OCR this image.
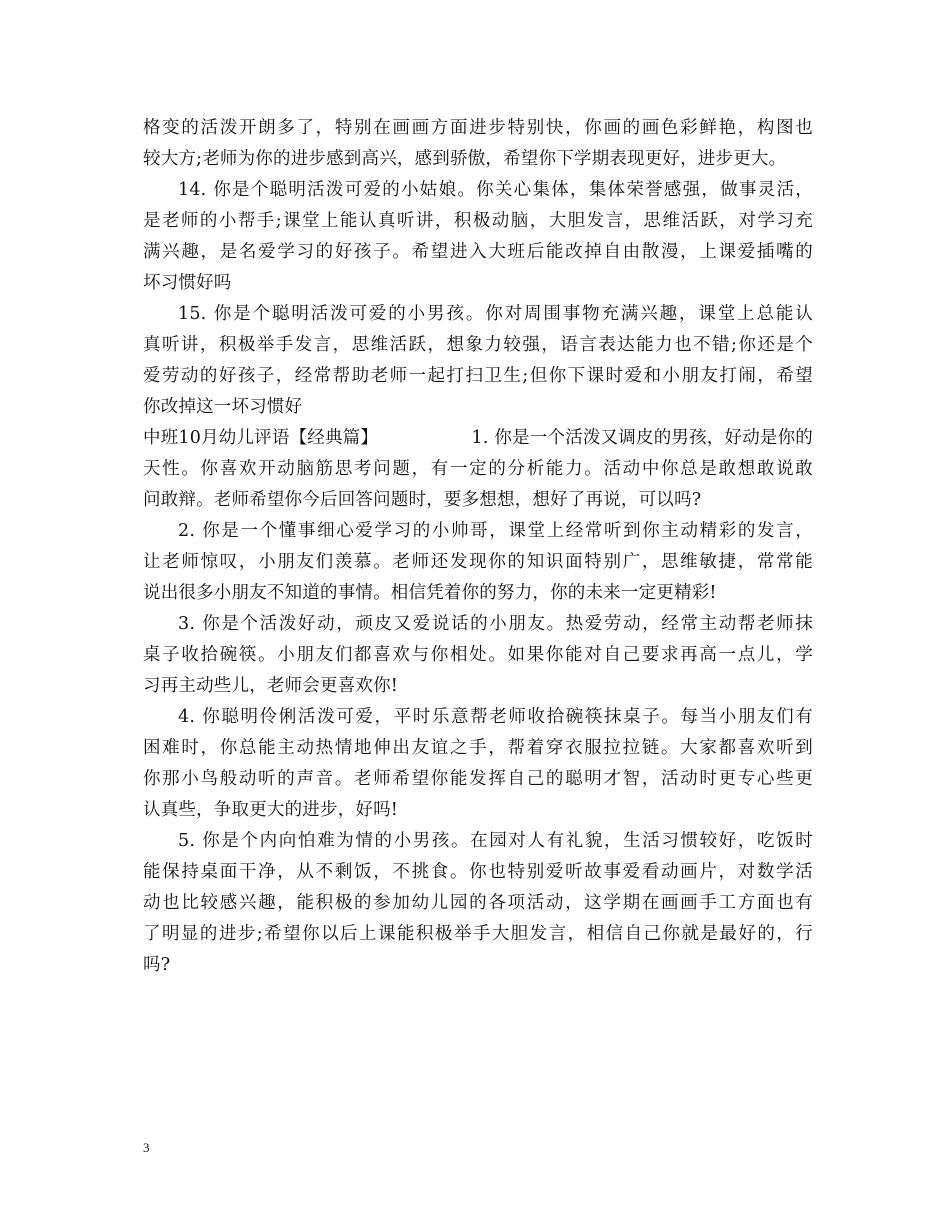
格变的活泼开朗多了，特别在画画方面进步特别快，你画的画色彩鲜艳，构图也
较大方;老师为你的进步感到高兴，感到骄傲，希望你下学期表现更好，进步更大。
14. 你是个聪明活泼可爱的小姑娘。你关心集体，集体荣誉感强，做事灵活，
是老师的小帮手;课堂上能认真听讲，积极动脑，大胆发言，思维活跃，对学习充
满兴趣，是名爱学习的好孩子。希望进入大班后能改掉自由散漫，上课爱插嘴的
坏习惯好吗
15. 你是个聪明活泼可爱的小男孩。你对周围事物充满兴趣，课堂上总能认
真听讲，积极举手发言，思维活跃，想象力较强，语言表达能力也不错;你还是个
爱劳动的好孩子，经常帮助老师一起打扫卫生;但你下课时爱和小朋友打闹，希望
你改掉这一坏习惯好
中班10月幼儿评语【经典篇】	1. 你是一个活泼又调皮的男孩，好动是你的
天性。你喜欢开动脑筋思考问题，有一定的分析能力。活动中你总是敢想敢说敢
问敢辩。老师希望你今后回答问题时，要多想想，想好了再说，可以吗?
2. 你是一个懂事细心爱学习的小帅哥，课堂上经常听到你主动精彩的发言，
让老师惊叹，小朋友们羡慕。老师还发现你的知识面特别广，思维敏捷，常常能
说出很多小朋友不知道的事情。相信凭着你的努力，你的未来一定更精彩!
3. 你是个活泼好动，顽皮又爱说话的小朋友。热爱劳动，经常主动帮老师抹
桌子收拾碗筷。小朋友们都喜欢与你相处。如果你能对自己要求再高一点儿，学
习再主动些儿，老师会更喜欢你!
4. 你聪明伶俐活泼可爱，平时乐意帮老师收拾碗筷抹桌子。每当小朋友们有
困难时，你总能主动热情地伸出友谊之手，帮着穿衣服拉拉链。大家都喜欢听到
你那小鸟般动听的声音。老师希望你能发挥自己的聪明才智，活动时更专心些更
认真些，争取更大的进步，好吗!
5. 你是个内向怕难为情的小男孩。在园对人有礼貌，生活习惯较好，吃饭时
能保持桌面干净，从不剩饭，不挑食。你也特别爱听故事爱看动画片，对数学活
动也比较感兴趣，能积极的参加幼儿园的各项活动，这学期在画画手工方面也有
了明显的进步;希望你以后上课能积极举手大胆发言，相信自己你就是最好的，行
吗?
3
